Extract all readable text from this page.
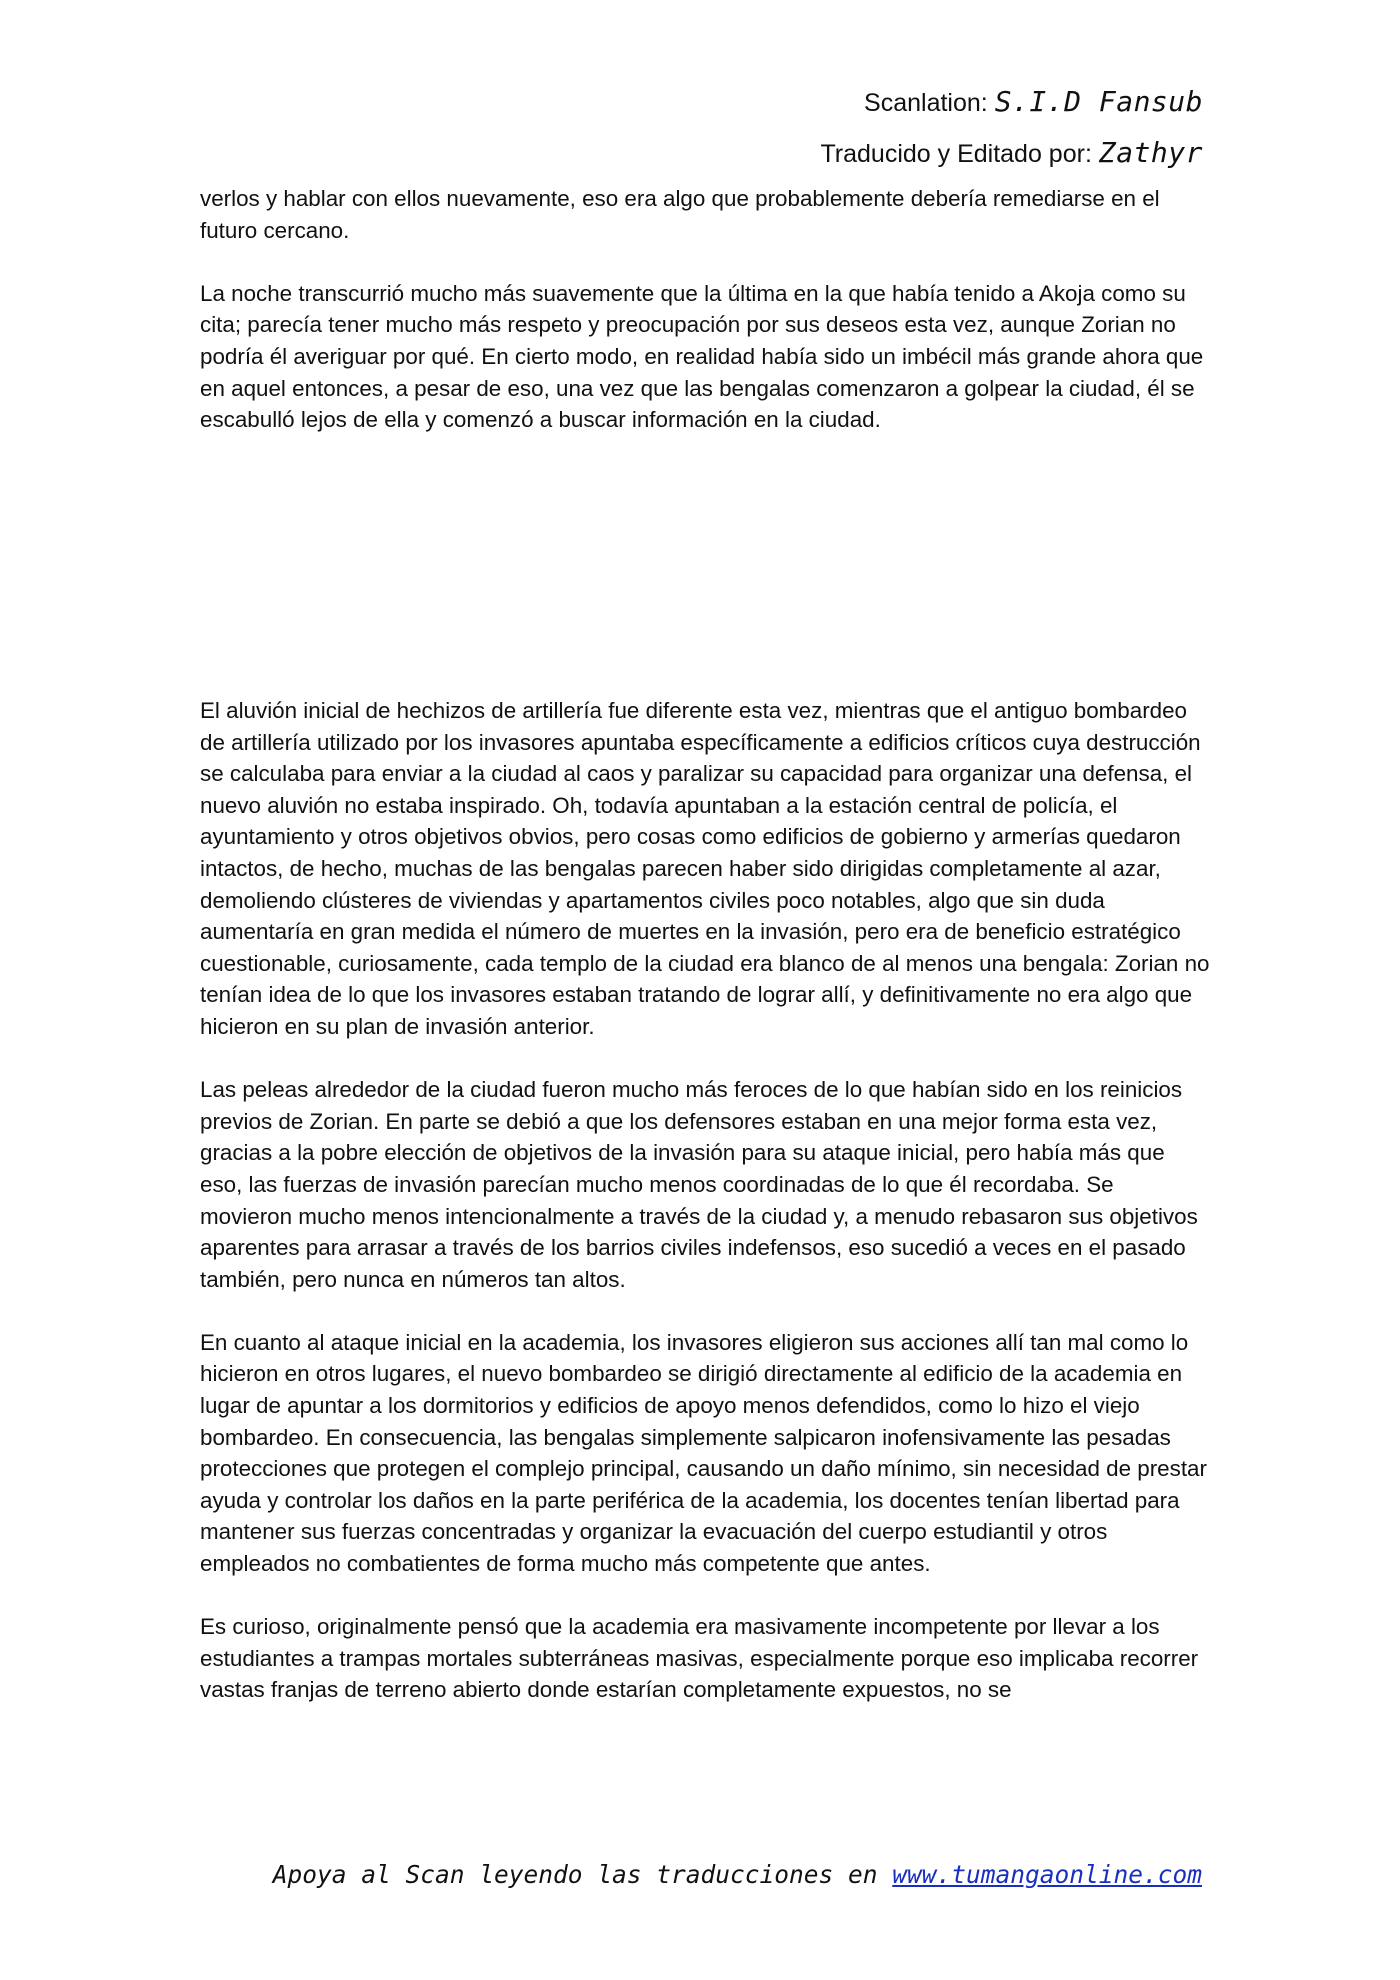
Scanlation: S.I.D Fansub
Traducido y Editado por: Zathyr

verlos y hablar con ellos nuevamente, eso era algo que probablemente debería remediarse en el futuro cercano.

La noche transcurrió mucho más suavemente que la última en la que había tenido a Akoja como su cita; parecía tener mucho más respeto y preocupación por sus deseos esta vez, aunque Zorian no podría él averiguar por qué. En cierto modo, en realidad había sido un imbécil más grande ahora que en aquel entonces, a pesar de eso, una vez que las bengalas comenzaron a golpear la ciudad, él se escabulló lejos de ella y comenzó a buscar información en la ciudad.

El aluvión inicial de hechizos de artillería fue diferente esta vez, mientras que el antiguo bombardeo de artillería utilizado por los invasores apuntaba específicamente a edificios críticos cuya destrucción se calculaba para enviar a la ciudad al caos y paralizar su capacidad para organizar una defensa, el nuevo aluvión no estaba inspirado. Oh, todavía apuntaban a la estación central de policía, el ayuntamiento y otros objetivos obvios, pero cosas como edificios de gobierno y armerías quedaron intactos, de hecho, muchas de las bengalas parecen haber sido dirigidas completamente al azar, demoliendo clústeres de viviendas y apartamentos civiles poco notables, algo que sin duda aumentaría en gran medida el número de muertes en la invasión, pero era de beneficio estratégico cuestionable, curiosamente, cada templo de la ciudad era blanco de al menos una bengala: Zorian no tenían idea de lo que los invasores estaban tratando de lograr allí, y definitivamente no era algo que hicieron en su plan de invasión anterior.

Las peleas alrededor de la ciudad fueron mucho más feroces de lo que habían sido en los reinicios previos de Zorian. En parte se debió a que los defensores estaban en una mejor forma esta vez, gracias a la pobre elección de objetivos de la invasión para su ataque inicial, pero había más que eso, las fuerzas de invasión parecían mucho menos coordinadas de lo que él recordaba. Se movieron mucho menos intencionalmente a través de la ciudad y, a menudo rebasaron sus objetivos aparentes para arrasar a través de los barrios civiles indefensos, eso sucedió a veces en el pasado también, pero nunca en números tan altos.

En cuanto al ataque inicial en la academia, los invasores eligieron sus acciones allí tan mal como lo hicieron en otros lugares, el nuevo bombardeo se dirigió directamente al edificio de la academia en lugar de apuntar a los dormitorios y edificios de apoyo menos defendidos, como lo hizo el viejo bombardeo. En consecuencia, las bengalas simplemente salpicaron inofensivamente las pesadas protecciones que protegen el complejo principal, causando un daño mínimo, sin necesidad de prestar ayuda y controlar los daños en la parte periférica de la academia, los docentes tenían libertad para mantener sus fuerzas concentradas y organizar la evacuación del cuerpo estudiantil y otros empleados no combatientes de forma mucho más competente que antes.

Es curioso, originalmente pensó que la academia era masivamente incompetente por llevar a los estudiantes a trampas mortales subterráneas masivas, especialmente porque eso implicaba recorrer vastas franjas de terreno abierto donde estarían completamente expuestos, no se

Apoya al Scan leyendo las traducciones en www.tumangaonline.com
